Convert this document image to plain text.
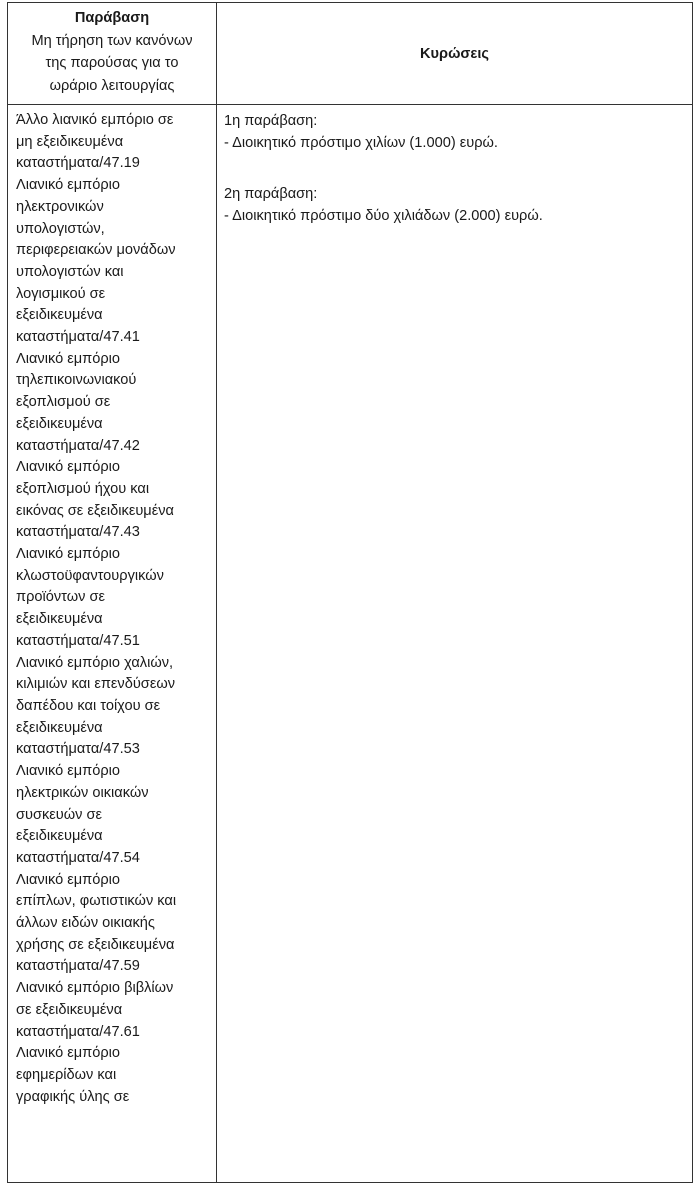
Παράβαση
Μη τήρηση των κανόνων
της παρούσας για το
ωράριο λειτουργίας
Κυρώσεις
Άλλο λιανικό εμπόριο σε
μη εξειδικευμένα
καταστήματα/47.19
Λιανικό εμπόριο
ηλεκτρονικών
υπολογιστών,
περιφερειακών μονάδων
υπολογιστών και
λογισμικού σε
εξειδικευμένα
καταστήματα/47.41
Λιανικό εμπόριο
τηλεπικοινωνιακού
εξοπλισμού σε
εξειδικευμένα
καταστήματα/47.42
Λιανικό εμπόριο
εξοπλισμού ήχου και
εικόνας σε εξειδικευμένα
καταστήματα/47.43
Λιανικό εμπόριο
κλωστοϋφαντουργικών
προϊόντων σε
εξειδικευμένα
καταστήματα/47.51
Λιανικό εμπόριο χαλιών,
κιλιμιών και επενδύσεων
δαπέδου και τοίχου σε
εξειδικευμένα
καταστήματα/47.53
Λιανικό εμπόριο
ηλεκτρικών οικιακών
συσκευών σε
εξειδικευμένα
καταστήματα/47.54
Λιανικό εμπόριο
επίπλων, φωτιστικών και
άλλων ειδών οικιακής
χρήσης σε εξειδικευμένα
καταστήματα/47.59
Λιανικό εμπόριο βιβλίων
σε εξειδικευμένα
καταστήματα/47.61
Λιανικό εμπόριο
εφημερίδων και
γραφικής ύλης σε
1η παράβαση:
- Διοικητικό πρόστιμο χιλίων (1.000) ευρώ.
2η παράβαση:
- Διοικητικό πρόστιμο δύο χιλιάδων (2.000) ευρώ.
